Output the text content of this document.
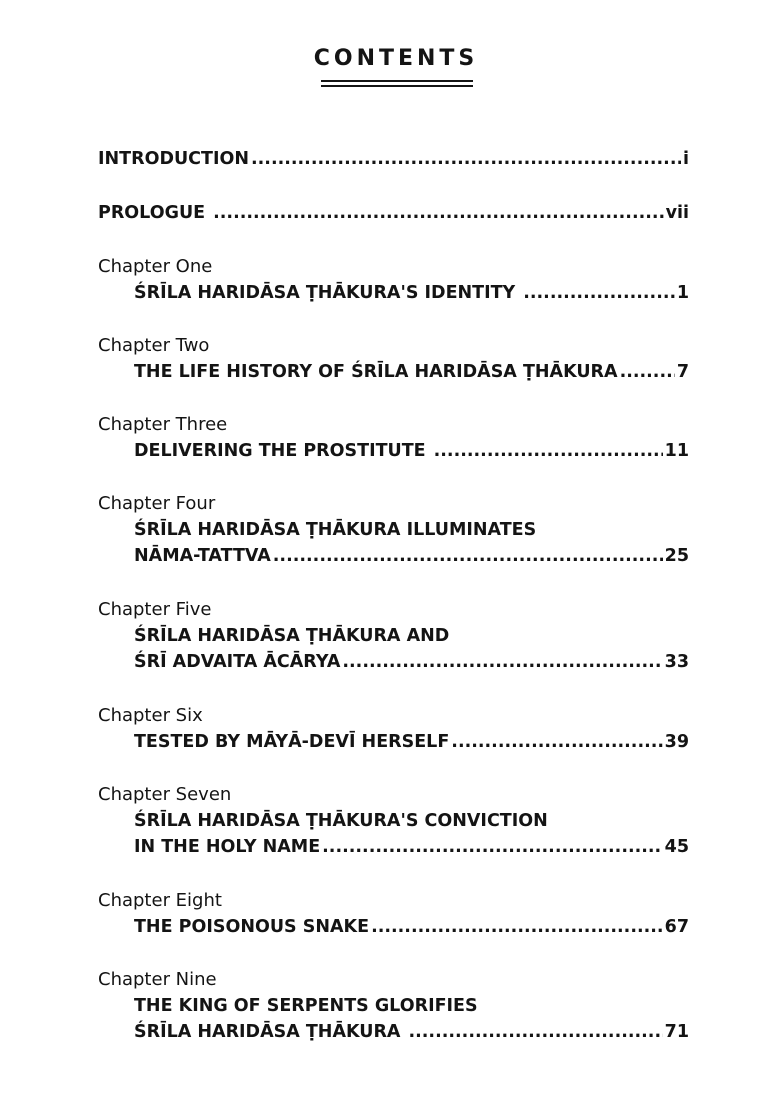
CONTENTS
INTRODUCTION .....	i
PROLOGUE .....	vii
Chapter One
ŚRĪLA HARIDĀSA ṬHĀKURA'S IDENTITY .....	1
Chapter Two
THE LIFE HISTORY OF ŚRĪLA HARIDĀSA ṬHĀKURA .....	7
Chapter Three
DELIVERING THE PROSTITUTE .....	11
Chapter Four
ŚRĪLA HARIDĀSA ṬHĀKURA ILLUMINATES
NĀMA-TATTVA .....	25
Chapter Five
ŚRĪLA HARIDĀSA ṬHĀKURA AND
ŚRĪ ADVAITA ĀCĀRYA .....	33
Chapter Six
TESTED BY MĀYĀ-DEVĪ HERSELF .....	39
Chapter Seven
ŚRĪLA HARIDĀSA ṬHĀKURA'S CONVICTION
IN THE HOLY NAME .....	45
Chapter Eight
THE POISONOUS SNAKE .....	67
Chapter Nine
THE KING OF SERPENTS GLORIFIES
ŚRĪLA HARIDĀSA ṬHĀKURA .....	71
